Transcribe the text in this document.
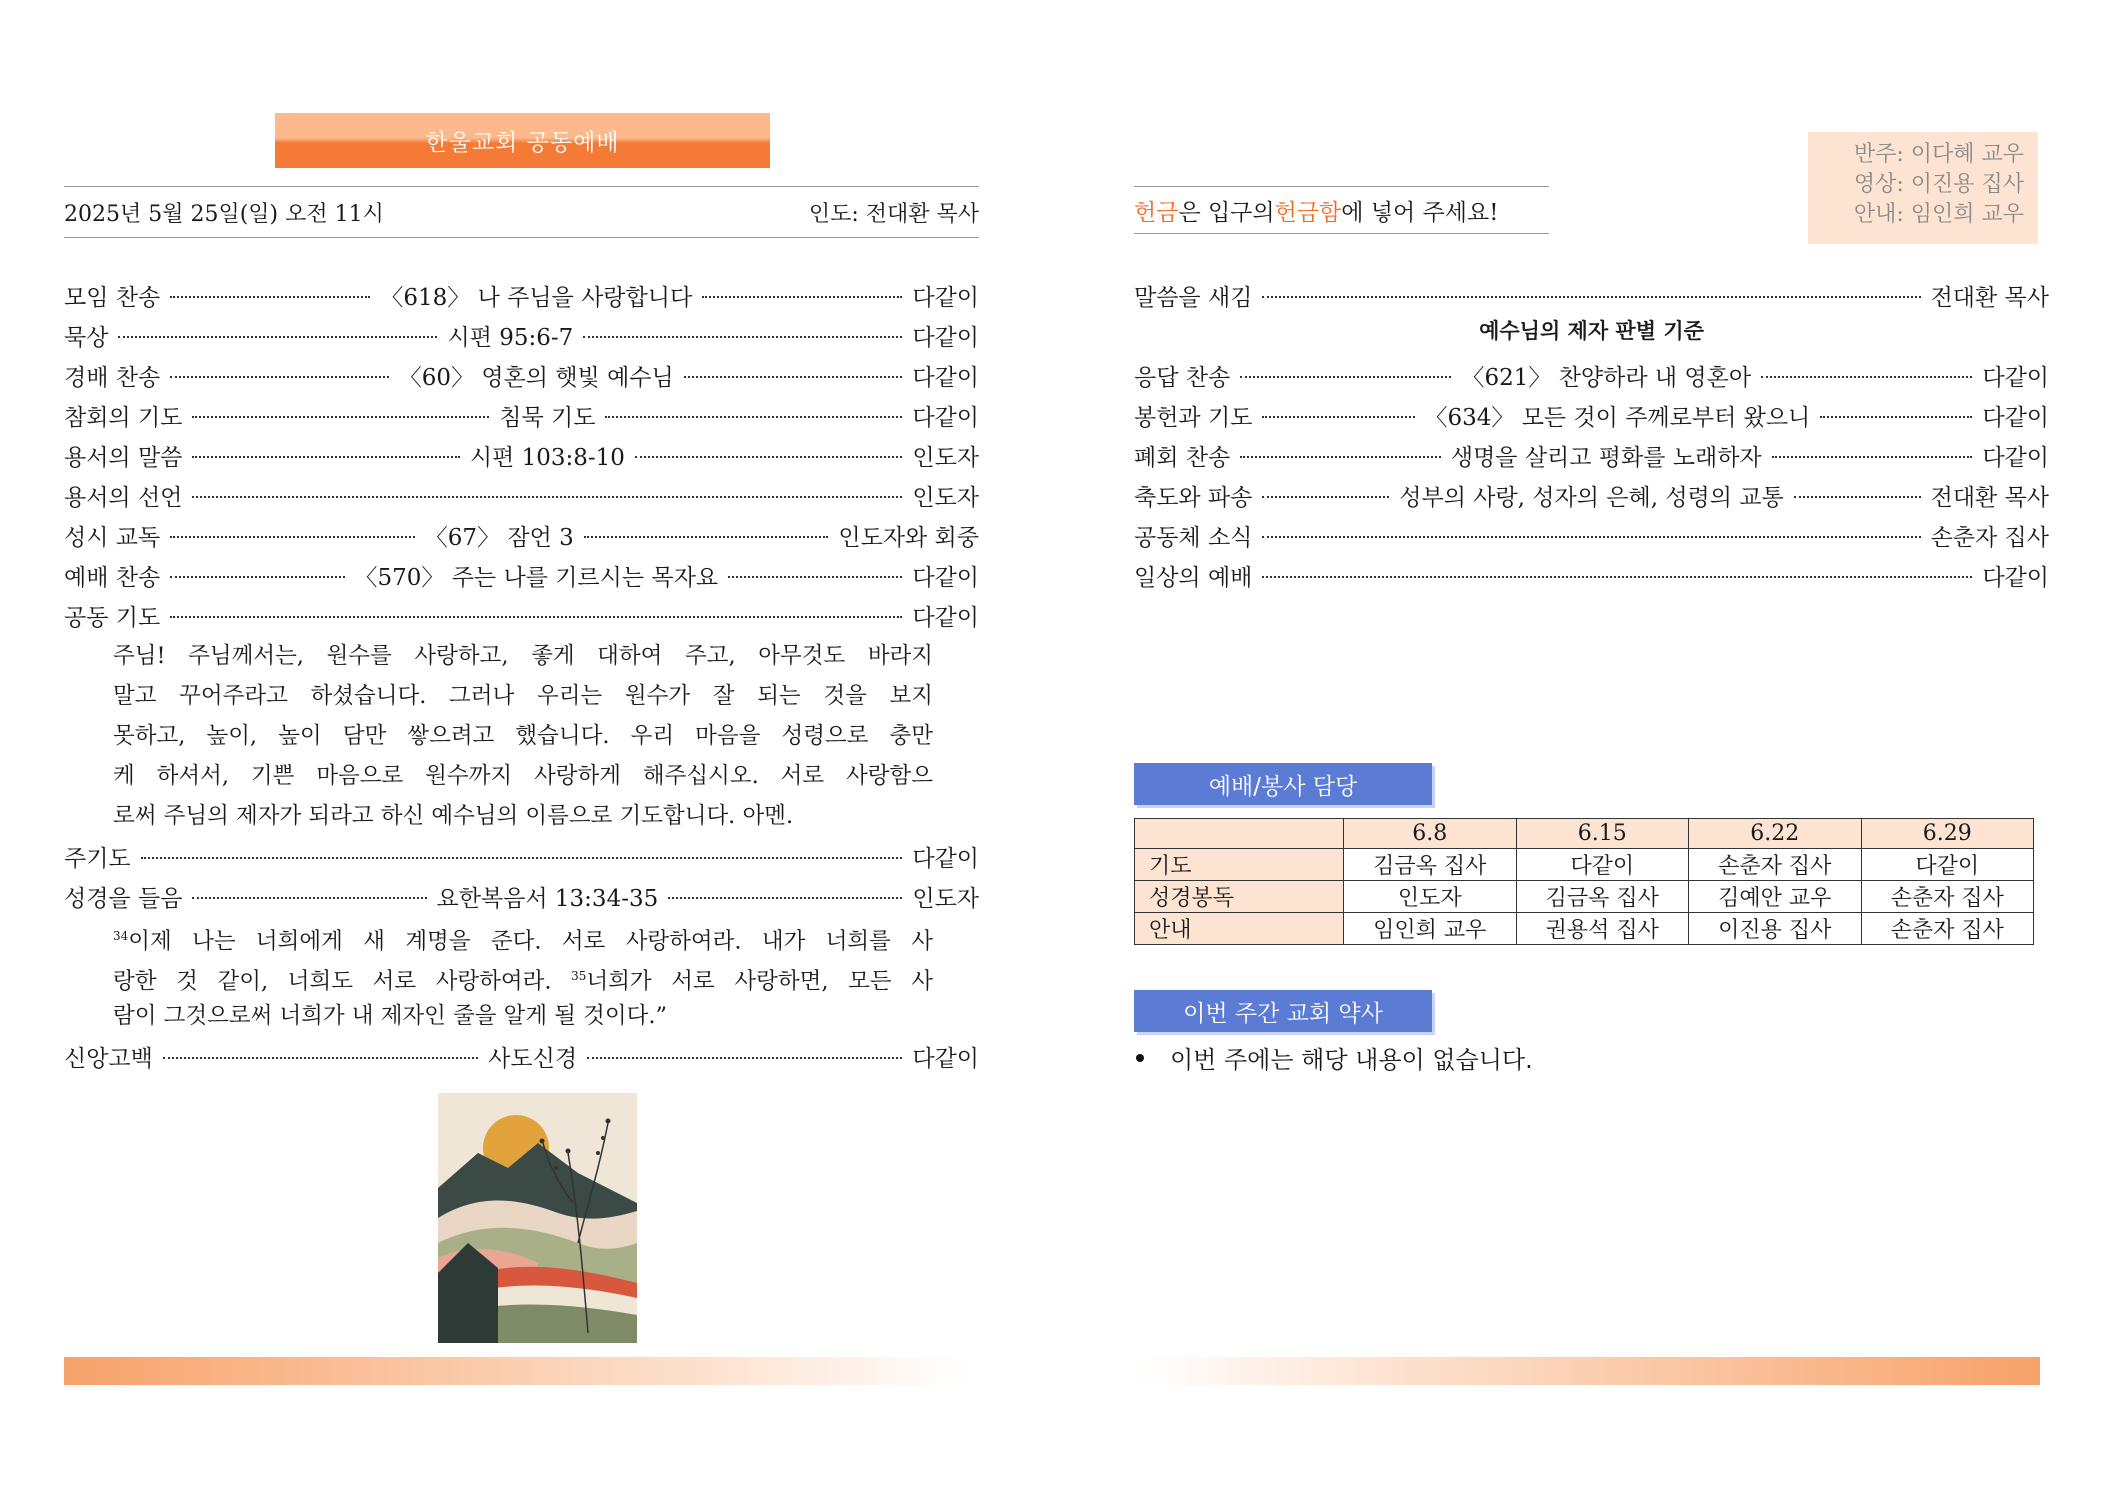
한울교회 공동예배
2025년 5월 25일(일) 오전 11시	인도: 전대환 목사
모임 찬송	〈618〉 나 주님을 사랑합니다	다같이
묵상	시편 95:6-7	다같이
경배 찬송	〈60〉 영혼의 햇빛 예수님	다같이
참회의 기도	침묵 기도	다같이
용서의 말씀	시편 103:8-10	인도자
용서의 선언	인도자
성시 교독	〈67〉 잠언 3	인도자와 회중
예배 찬송	〈570〉 주는 나를 기르시는 목자요	다같이
공동 기도	다같이
주님! 주님께서는, 원수를 사랑하고, 좋게 대하여 주고, 아무것도 바라지
말고 꾸어주라고 하셨습니다. 그러나 우리는 원수가 잘 되는 것을 보지
못하고, 높이, 높이 담만 쌓으려고 했습니다. 우리 마음을 성령으로 충만
케 하셔서, 기쁜 마음으로 원수까지 사랑하게 해주십시오. 서로 사랑함으
로써 주님의 제자가 되라고 하신 예수님의 이름으로 기도합니다. 아멘.
주기도	다같이
성경을 들음	요한복음서 13:34-35	인도자
$^{34}$이제 나는 너희에게 새 계명을 준다. 서로 사랑하여라. 내가 너희를 사
랑한 것 같이, 너희도 서로 사랑하여라. $^{35}$너희가 서로 사랑하면, 모든 사
람이 그것으로써 너희가 내 제자인 줄을 알게 될 것이다.”
신앙고백	사도신경	다같이
헌금 은 입구의 헌금함 에 넣어 주세요!
반주: 이다혜 교우
영상: 이진용 집사
안내: 임인희 교우
말씀을 새김	전대환 목사
예수님의 제자 판별 기준
응답 찬송	〈621〉 찬양하라 내 영혼아	다같이
봉헌과 기도	〈634〉 모든 것이 주께로부터 왔으니	다같이
폐회 찬송	생명을 살리고 평화를 노래하자	다같이
축도와 파송	성부의 사랑, 성자의 은혜, 성령의 교통	전대환 목사
공동체 소식	손춘자 집사
일상의 예배	다같이
예배/봉사 담당
	6.8	6.15	6.22	6.29
기도	김금옥 집사	다같이	손춘자 집사	다같이
성경봉독	인도자	김금옥 집사	김예안 교우	손춘자 집사
안내	임인희 교우	권용석 집사	이진용 집사	손춘자 집사
이번 주간 교회 약사
이번 주에는 해당 내용이 없습니다.
